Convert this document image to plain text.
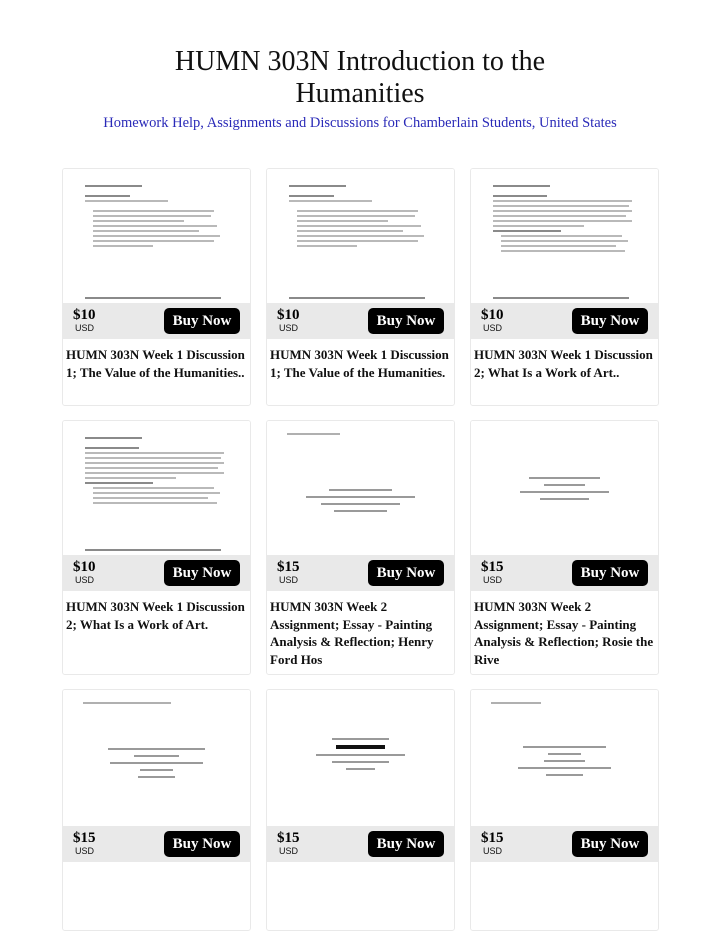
HUMN 303N Introduction to the Humanities
Homework Help, Assignments and Discussions for Chamberlain Students, United States
$10
USD	Buy Now
HUMN 303N Week 1 Discussion 1; The Value of the Humanities..
$10
USD	Buy Now
HUMN 303N Week 1 Discussion 1; The Value of the Humanities.
$10
USD	Buy Now
HUMN 303N Week 1 Discussion 2; What Is a Work of Art..
$10
USD	Buy Now
HUMN 303N Week 1 Discussion 2; What Is a Work of Art.
$15
USD	Buy Now
HUMN 303N Week 2 Assignment; Essay - Painting Analysis & Reflection; Henry Ford Hos
$15
USD	Buy Now
HUMN 303N Week 2 Assignment; Essay - Painting Analysis & Reflection; Rosie the Rive
$15
USD	Buy Now	$15
USD	Buy Now	$15
USD	Buy Now
